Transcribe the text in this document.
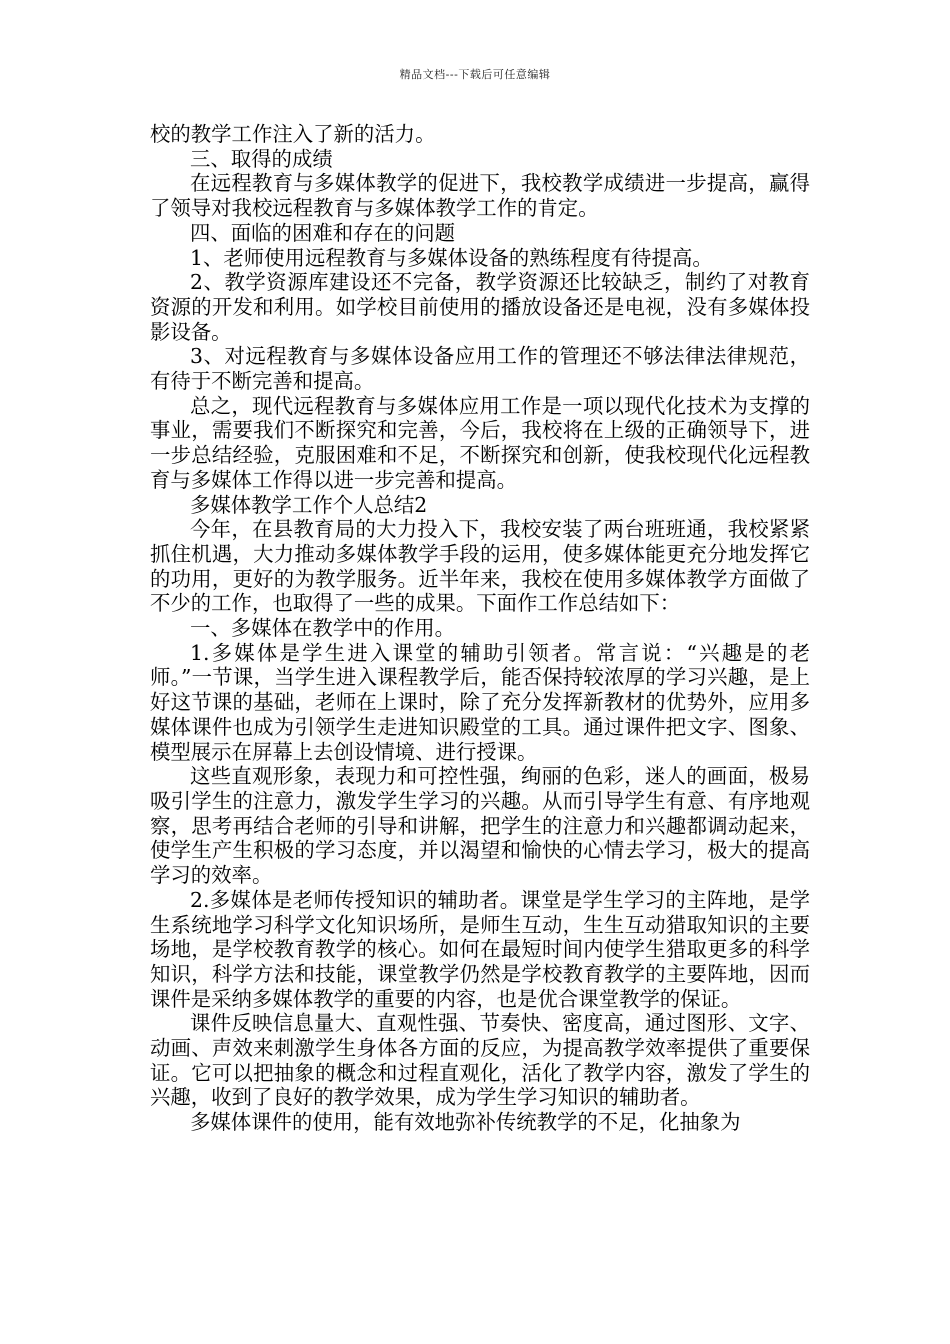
精品文档---下载后可任意编辑

校的教学工作注入了新的活力。

三、取得的成绩

在远程教育与多媒体教学的促进下，我校教学成绩进一步提高，赢得了领导对我校远程教育与多媒体教学工作的肯定。

四、面临的困难和存在的问题

1、老师使用远程教育与多媒体设备的熟练程度有待提高。

2、教学资源库建设还不完备，教学资源还比较缺乏，制约了对教育资源的开发和利用。如学校目前使用的播放设备还是电视，没有多媒体投影设备。

3、对远程教育与多媒体设备应用工作的管理还不够法律法律规范，有待于不断完善和提高。

总之，现代远程教育与多媒体应用工作是一项以现代化技术为支撑的事业，需要我们不断探究和完善，今后，我校将在上级的正确领导下，进一步总结经验，克服困难和不足，不断探究和创新，使我校现代化远程教育与多媒体工作得以进一步完善和提高。

多媒体教学工作个人总结2

今年，在县教育局的大力投入下，我校安装了两台班班通，我校紧紧抓住机遇，大力推动多媒体教学手段的运用，使多媒体能更充分地发挥它的功用，更好的为教学服务。近半年来，我校在使用多媒体教学方面做了不少的工作，也取得了一些的成果。下面作工作总结如下：

一、多媒体在教学中的作用。

1.多媒体是学生进入课堂的辅助引领者。常言说：“兴趣是的老师。”一节课，当学生进入课程教学后，能否保持较浓厚的学习兴趣，是上好这节课的基础，老师在上课时，除了充分发挥新教材的优势外，应用多媒体课件也成为引领学生走进知识殿堂的工具。通过课件把文字、图象、模型展示在屏幕上去创设情境、进行授课。

这些直观形象，表现力和可控性强，绚丽的色彩，迷人的画面，极易吸引学生的注意力，激发学生学习的兴趣。从而引导学生有意、有序地观察，思考再结合老师的引导和讲解，把学生的注意力和兴趣都调动起来，使学生产生积极的学习态度，并以渴望和愉快的心情去学习，极大的提高学习的效率。

2.多媒体是老师传授知识的辅助者。课堂是学生学习的主阵地，是学生系统地学习科学文化知识场所，是师生互动，生生互动猎取知识的主要场地，是学校教育教学的核心。如何在最短时间内使学生猎取更多的科学知识，科学方法和技能，课堂教学仍然是学校教育教学的主要阵地，因而课件是采纳多媒体教学的重要的内容，也是优合课堂教学的保证。

课件反映信息量大、直观性强、节奏快、密度高，通过图形、文字、动画、声效来刺激学生身体各方面的反应，为提高教学效率提供了重要保证。它可以把抽象的概念和过程直观化，活化了教学内容，激发了学生的兴趣，收到了良好的教学效果，成为学生学习知识的辅助者。

多媒体课件的使用，能有效地弥补传统教学的不足，化抽象为
